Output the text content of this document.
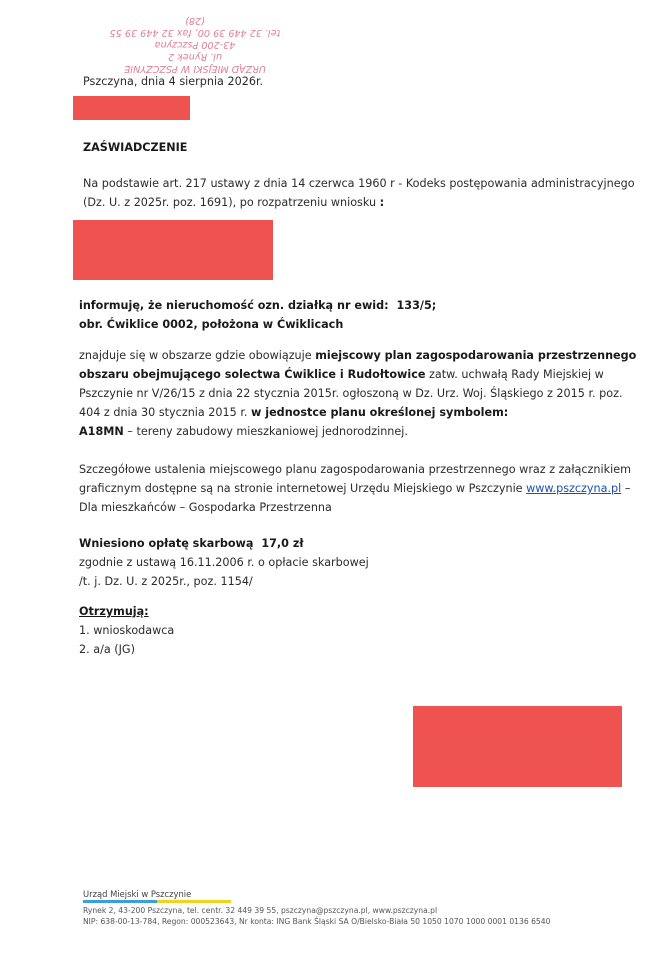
URZĄD MIEJSKI W PSZCZYNIE
ul. Rynek 2
43-200 Pszczyna
tel. 32 449 39 00, fax 32 449 39 55
(28)
Pszczyna, dnia 4 sierpnia 2026r.
ZAŚWIADCZENIE

Na podstawie art. 217 ustawy z dnia 14 czerwca 1960 r - Kodeks postępowania administracyjnego

(Dz. U. z 2025r. poz. 1691), po rozpatrzeniu wniosku :

informuję, że nieruchomość ozn. działką nr ewid: 133/5;

obr. Ćwiklice 0002, położona w Ćwiklicach

znajduje się w obszarze gdzie obowiązuje miejscowy plan zagospodarowania przestrzennego

obszaru obejmującego solectwa Ćwiklice i Rudołtowice zatw. uchwałą Rady Miejskiej w

Pszczynie nr V/26/15 z dnia 22 stycznia 2015r. ogłoszoną w Dz. Urz. Woj. Śląskiego z 2015 r. poz.

404 z dnia 30 stycznia 2015 r. w jednostce planu określonej symbolem:

A18MN – tereny zabudowy mieszkaniowej jednorodzinnej.

Szczegółowe ustalenia miejscowego planu zagospodarowania przestrzennego wraz z załącznikiem

graficznym dostępne są na stronie internetowej Urzędu Miejskiego w Pszczynie www.pszczyna.pl –

Dla mieszkańców – Gospodarka Przestrzenna

Wniesiono opłatę skarbową 17,0 zł

zgodnie z ustawą 16.11.2006 r. o opłacie skarbowej

/t. j. Dz. U. z 2025r., poz. 1154/

Otrzymują:

1. wnioskodawca

2. a/a (JG)

Urząd Miejski w Pszczynie
Rynek 2, 43-200 Pszczyna, tel. centr. 32 449 39 55, pszczyna@pszczyna.pl, www.pszczyna.pl
NIP: 638-00-13-784, Regon: 000523643, Nr konta: ING Bank Śląski SA O/Bielsko-Biała 50 1050 1070 1000 0001 0136 6540
